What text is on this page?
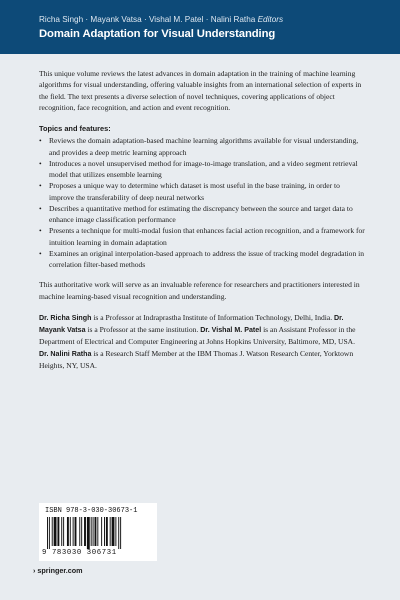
Richa Singh · Mayank Vatsa · Vishal M. Patel · Nalini Ratha Editors
Domain Adaptation for Visual Understanding

This unique volume reviews the latest advances in domain adaptation in the training of machine learning algorithms for visual understanding, offering valuable insights from an international selection of experts in the field. The text presents a diverse selection of novel techniques, covering applications of object recognition, face recognition, and action and event recognition.

Topics and features:

• Reviews the domain adaptation-based machine learning algorithms available for visual understanding, and provides a deep metric learning approach
• Introduces a novel unsupervised method for image-to-image translation, and a video segment retrieval model that utilizes ensemble learning
• Proposes a unique way to determine which dataset is most useful in the base training, in order to improve the transferability of deep neural networks
• Describes a quantitative method for estimating the discrepancy between the source and target data to enhance image classification performance
• Presents a technique for multi-modal fusion that enhances facial action recognition, and a framework for intuition learning in domain adaptation
• Examines an original interpolation-based approach to address the issue of tracking model degradation in correlation filter-based methods

This authoritative work will serve as an invaluable reference for researchers and practitioners interested in machine learning-based visual recognition and understanding.

Dr. Richa Singh is a Professor at Indraprastha Institute of Information Technology, Delhi, India. Dr. Mayank Vatsa is a Professor at the same institution. Dr. Vishal M. Patel is an Assistant Professor in the Department of Electrical and Computer Engineering at Johns Hopkins University, Baltimore, MD, USA. Dr. Nalini Ratha is a Research Staff Member at the IBM Thomas J. Watson Research Center, Yorktown Heights, NY, USA.

ISBN 978-3-030-30673-1
9 783030 306731
› springer.com
